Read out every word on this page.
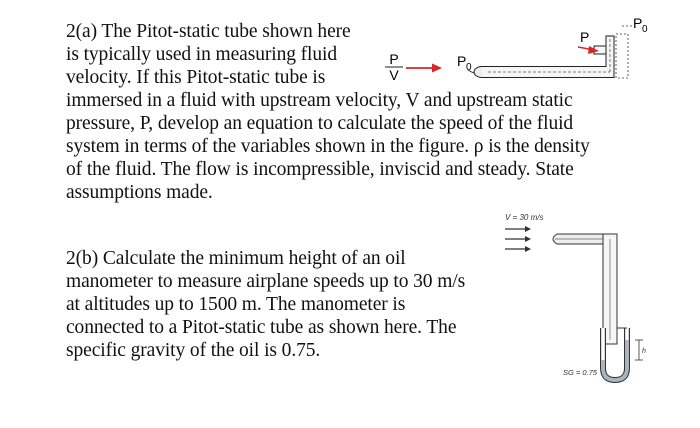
2(a) The Pitot-static tube shown here
is typically used in measuring fluid
velocity. If this Pitot-static tube is
immersed in a fluid with upstream velocity, V and upstream static
pressure, P, develop an equation to calculate the speed of the fluid
system in terms of the variables shown in the figure. ρ is the density
of the fluid. The flow is incompressible, inviscid and steady. State
assumptions made.

2(b) Calculate the minimum height of an oil
manometer to measure airplane speeds up to 30 m/s
at altitudes up to 1500 m. The manometer is
connected to a Pitot-static tube as shown here. The
specific gravity of the oil is 0.75.

P
V
P 0
P
P 0
V = 30 m/s
h
SG = 0.75
